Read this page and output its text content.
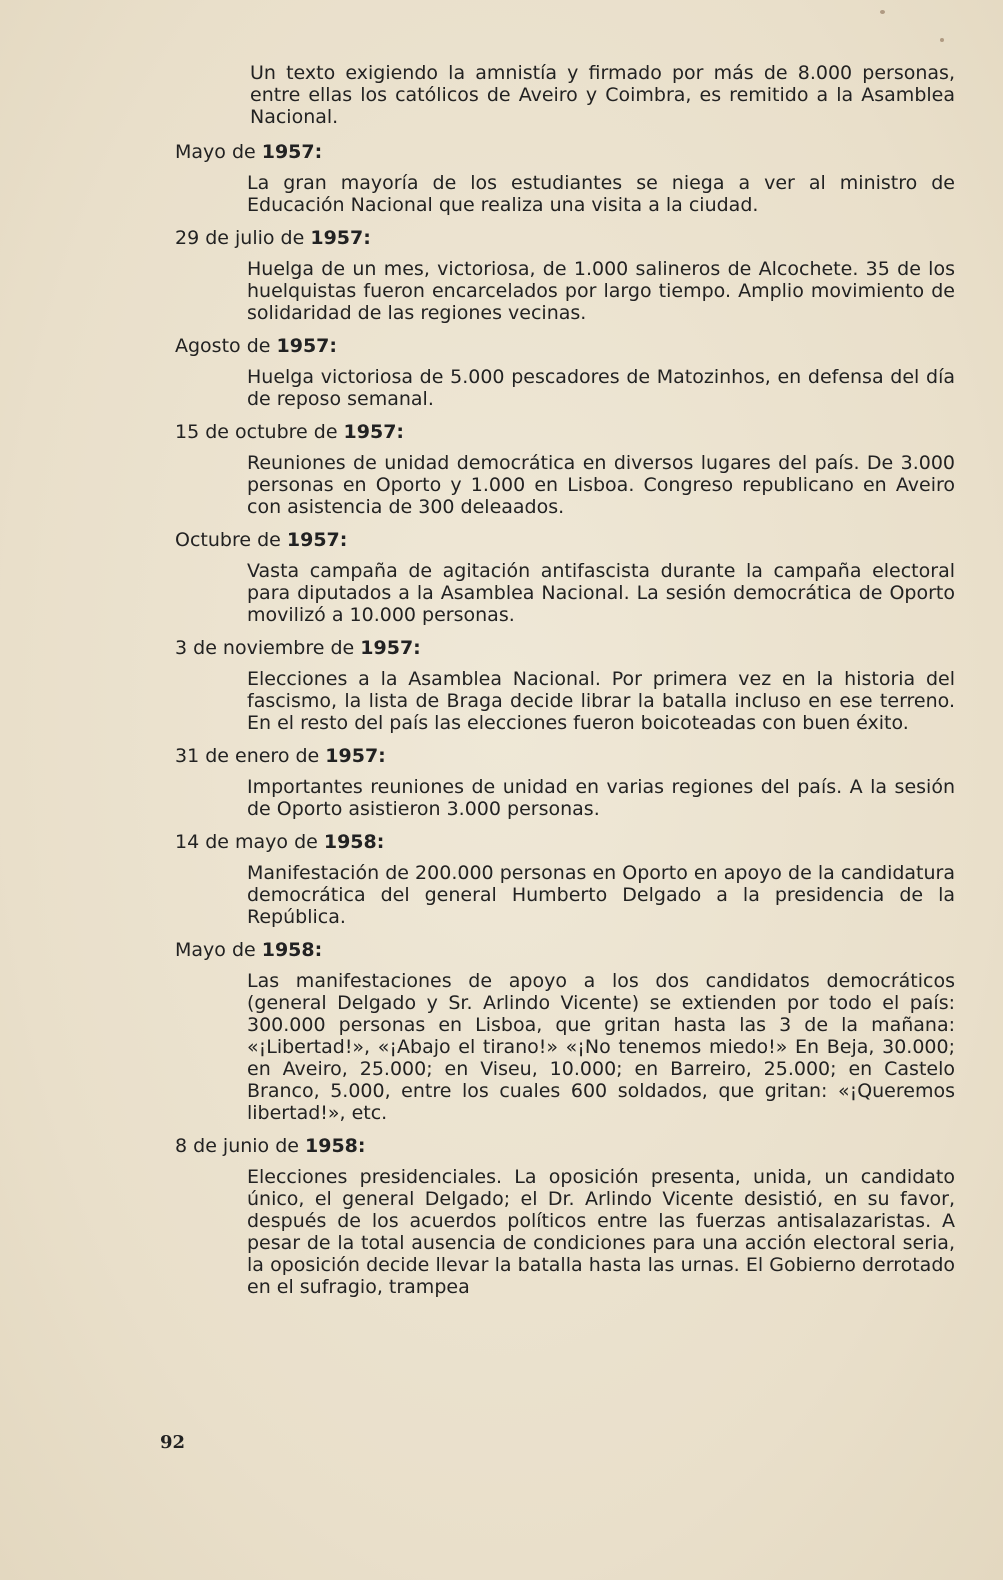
Un texto exigiendo la amnistía y firmado por más de 8.000 personas, entre ellas los católicos de Aveiro y Coimbra, es remitido a la Asamblea Nacional.

Mayo de 1957:
La gran mayoría de los estudiantes se niega a ver al ministro de Educación Nacional que realiza una visita a la ciudad.
29 de julio de 1957:
Huelga de un mes, victoriosa, de 1.000 salineros de Alcochete. 35 de los huelquistas fueron encarcelados por largo tiempo. Amplio movimiento de solidaridad de las regiones vecinas.
Agosto de 1957:
Huelga victoriosa de 5.000 pescadores de Matozinhos, en defensa del día de reposo semanal.
15 de octubre de 1957:
Reuniones de unidad democrática en diversos lugares del país. De 3.000 personas en Oporto y 1.000 en Lisboa. Congreso republicano en Aveiro con asistencia de 300 deleaados.
Octubre de 1957:
Vasta campaña de agitación antifascista durante la campaña electoral para diputados a la Asamblea Nacional. La sesión democrática de Oporto movilizó a 10.000 personas.
3 de noviembre de 1957:
Elecciones a la Asamblea Nacional. Por primera vez en la historia del fascismo, la lista de Braga decide librar la batalla incluso en ese terreno. En el resto del país las elecciones fueron boicoteadas con buen éxito.
31 de enero de 1957:
Importantes reuniones de unidad en varias regiones del país. A la sesión de Oporto asistieron 3.000 personas.
14 de mayo de 1958:
Manifestación de 200.000 personas en Oporto en apoyo de la candidatura democrática del general Humberto Delgado a la presidencia de la República.
Mayo de 1958:
Las manifestaciones de apoyo a los dos candidatos democráticos (general Delgado y Sr. Arlindo Vicente) se extienden por todo el país: 300.000 personas en Lisboa, que gritan hasta las 3 de la mañana: «¡Libertad!», «¡Abajo el tirano!» «¡No tenemos miedo!» En Beja, 30.000; en Aveiro, 25.000; en Viseu, 10.000; en Barreiro, 25.000; en Castelo Branco, 5.000, entre los cuales 600 soldados, que gritan: «¡Queremos libertad!», etc.
8 de junio de 1958:
Elecciones presidenciales. La oposición presenta, unida, un candidato único, el general Delgado; el Dr. Arlindo Vicente desistió, en su favor, después de los acuerdos políticos entre las fuerzas antisalazaristas. A pesar de la total ausencia de condiciones para una acción electoral seria, la oposición decide llevar la batalla hasta las urnas. El Gobierno derrotado en el sufragio, trampea
92
